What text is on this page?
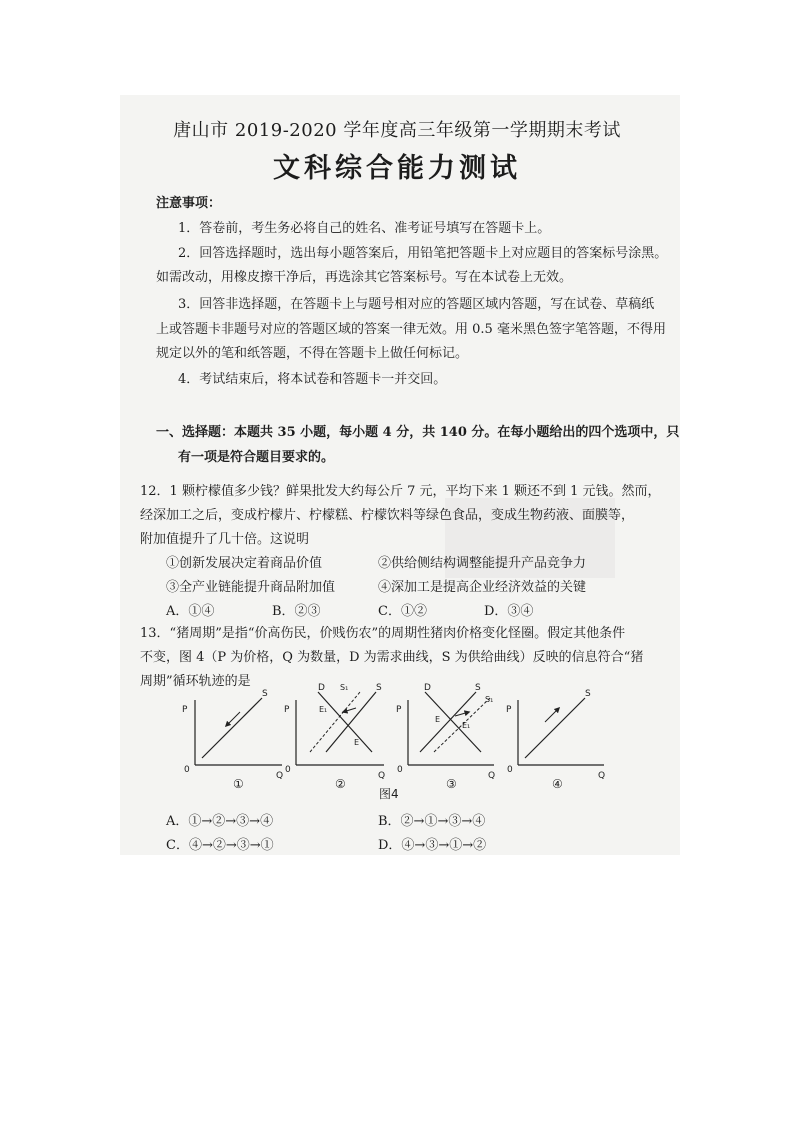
唐山市 2019-2020 学年度高三年级第一学期期末考试
文科综合能力测试
注意事项：
1．答卷前，考生务必将自己的姓名、准考证号填写在答题卡上。
2．回答选择题时，选出每小题答案后，用铅笔把答题卡上对应题目的答案标号涂黑。
如需改动，用橡皮擦干净后，再选涂其它答案标号。写在本试卷上无效。
3．回答非选择题，在答题卡上与题号相对应的答题区域内答题，写在试卷、草稿纸
上或答题卡非题号对应的答题区域的答案一律无效。用 0.5 毫米黑色签字笔答题，不得用
规定以外的笔和纸答题，不得在答题卡上做任何标记。
4．考试结束后，将本试卷和答题卡一并交回。
一、选择题：本题共 35 小题，每小题 4 分，共 140 分。在每小题给出的四个选项中，只
有一项是符合题目要求的。
12．1 颗柠檬值多少钱？鲜果批发大约每公斤 7 元，平均下来 1 颗还不到 1 元钱。然而，
经深加工之后，变成柠檬片、柠檬糕、柠檬饮料等绿色食品，变成生物药液、面膜等，
附加值提升了几十倍。这说明
①创新发展决定着商品价值	②供给侧结构调整能提升产品竞争力
③全产业链能提升商品附加值	④深加工是提高企业经济效益的关键
A．①④	B．②③	C．①②	D．③④
13．“猪周期”是指“价高伤民，价贱伤农”的周期性猪肉价格变化怪圈。假定其他条件
不变，图 4（P 为价格，Q 为数量，D 为需求曲线，S 为供给曲线）反映的信息符合“猪
周期”循环轨迹的是
P
S
0
Q
①
P
D S₁	S
E₁
E
0
Q
②
P
D	S
S₁
E
E₁
0
Q
③
P
S
0
Q
④
图4
A．①→②→③→④	B．②→①→③→④
C．④→②→③→①	D．④→③→①→②
